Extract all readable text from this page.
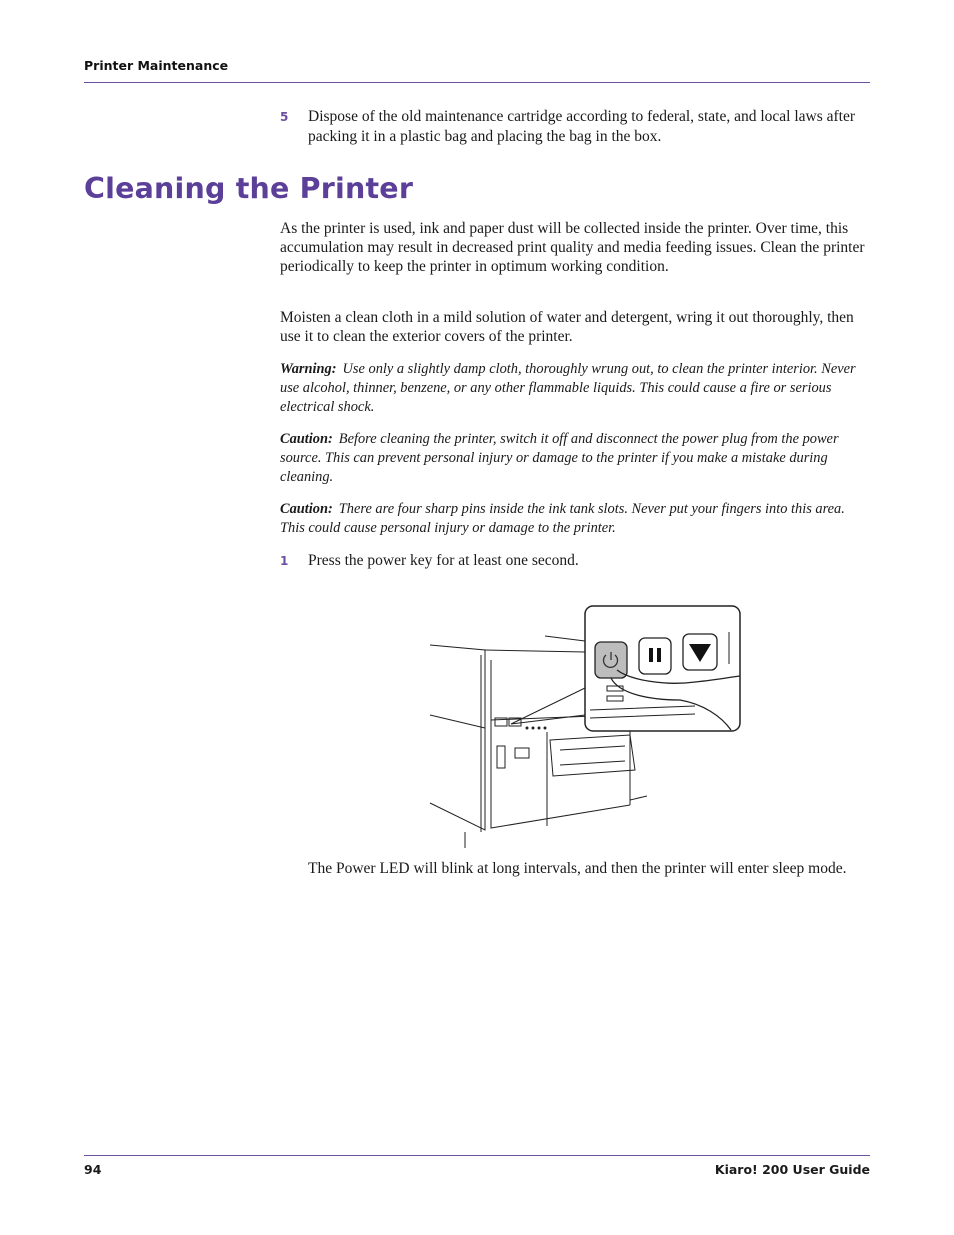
Printer Maintenance
5 Dispose of the old maintenance cartridge according to federal, state, and local laws after packing it in a plastic bag and placing the bag in the box.
Cleaning the Printer

As the printer is used, ink and paper dust will be collected inside the printer. Over time, this accumulation may result in decreased print quality and media feeding issues. Clean the printer periodically to keep the printer in optimum working condition.

Moisten a clean cloth in a mild solution of water and detergent, wring it out thoroughly, then use it to clean the exterior covers of the printer.

Warning: Use only a slightly damp cloth, thoroughly wrung out, to clean the printer interior. Never use alcohol, thinner, benzene, or any other flammable liquids. This could cause a fire or serious electrical shock.

Caution: Before cleaning the printer, switch it off and disconnect the power plug from the power source. This can prevent personal injury or damage to the printer if you make a mistake during cleaning.

Caution: There are four sharp pins inside the ink tank slots. Never put your fingers into this area. This could cause personal injury or damage to the printer.

1 Press the power key for at least one second.

The Power LED will blink at long intervals, and then the printer will enter sleep mode.

94	Kiaro! 200 User Guide
